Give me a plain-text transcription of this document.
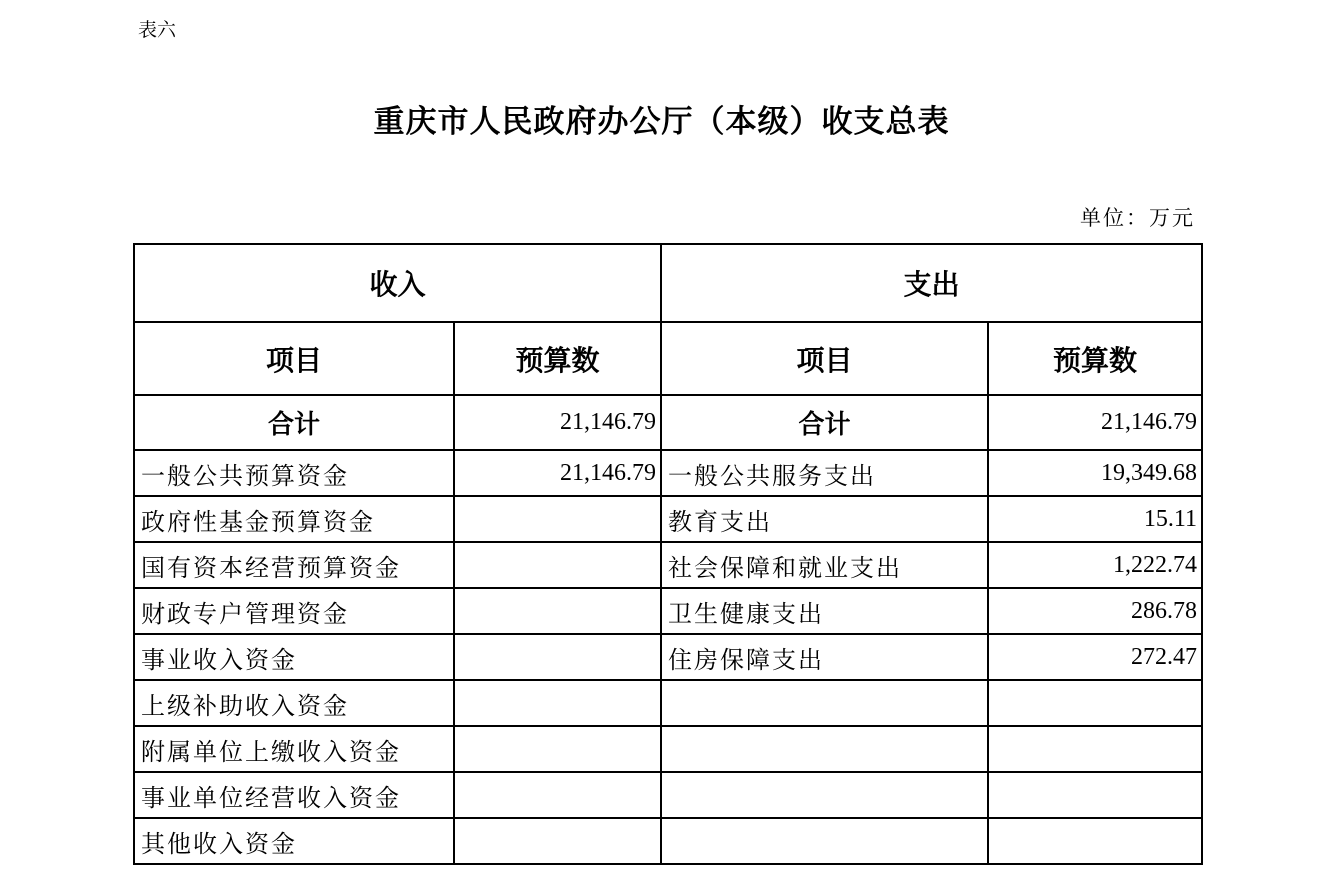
表六
重庆市人民政府办公厅（本级）收支总表
单位：万元
收入		支出	
项目	预算数	项目	预算数
合计	21,146.79	合计	21,146.79
一般公共预算资金	21,146.79	一般公共服务支出	19,349.68
政府性基金预算资金		教育支出	15.11
国有资本经营预算资金		社会保障和就业支出	1,222.74
财政专户管理资金		卫生健康支出	286.78
事业收入资金		住房保障支出	272.47
上级补助收入资金			
附属单位上缴收入资金			
事业单位经营收入资金			
其他收入资金			
